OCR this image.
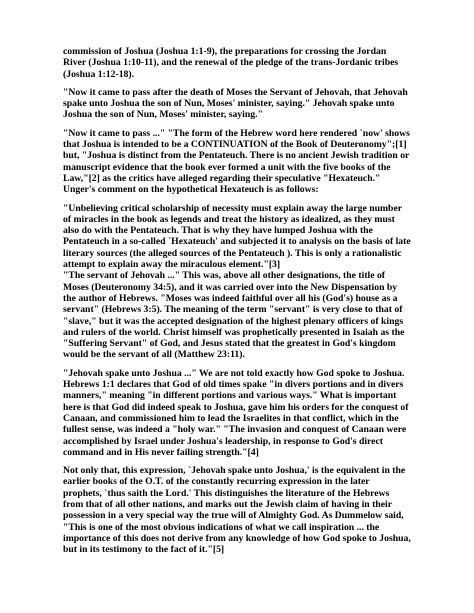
commission of Joshua (Joshua 1:1-9), the preparations for crossing the Jordan
River (Joshua 1:10-11), and the renewal of the pledge of the trans-Jordanic tribes
(Joshua 1:12-18).

"Now it came to pass after the death of Moses the Servant of Jehovah, that Jehovah
spake unto Joshua the son of Nun, Moses' minister, saying." Jehovah spake unto
Joshua the son of Nun, Moses' minister, saying."

"Now it came to pass ..." "The form of the Hebrew word here rendered `now' shows
that Joshua is intended to be a CONTINUATION of the Book of Deuteronomy";[1]
but, "Joshua is distinct from the Pentateuch. There is no ancient Jewish tradition or
manuscript evidence that the book ever formed a unit with the five books of the
Law,"[2] as the critics have alleged regarding their speculative "Hexateuch."
Unger's comment on the hypothetical Hexateuch is as follows:

"Unbelieving critical scholarship of necessity must explain away the large number
of miracles in the book as legends and treat the history as idealized, as they must
also do with the Pentateuch. That is why they have lumped Joshua with the
Pentateuch in a so-called `Hexateuch' and subjected it to analysis on the basis of late
literary sources (the alleged sources of the Pentateuch ). This is only a rationalistic
attempt to explain away the miraculous element."[3]
"The servant of Jehovah ..." This was, above all other designations, the title of
Moses (Deuteronomy 34:5), and it was carried over into the New Dispensation by
the author of Hebrews. "Moses was indeed faithful over all his (God's) house as a
servant" (Hebrews 3:5). The meaning of the term "servant" is very close to that of
"slave," but it was the accepted designation of the highest plenary officers of kings
and rulers of the world. Christ himself was prophetically presented in Isaiah as the
"Suffering Servant" of God, and Jesus stated that the greatest in God's kingdom
would be the servant of all (Matthew 23:11).

"Jehovah spake unto Joshua ..." We are not told exactly how God spoke to Joshua.
Hebrews 1:1 declares that God of old times spake "in divers portions and in divers
manners," meaning "in different portions and various ways." What is important
here is that God did indeed speak to Joshua, gave him his orders for the conquest of
Canaan, and commissioned him to lead the Israelites in that conflict, which in the
fullest sense, was indeed a "holy war." "The invasion and conquest of Canaan were
accomplished by Israel under Joshua's leadership, in response to God's direct
command and in His never failing strength."[4]

Not only that, this expression, `Jehovah spake unto Joshua,' is the equivalent in the
earlier books of the O.T. of the constantly recurring expression in the later
prophets, `thus saith the Lord.' This distinguishes the literature of the Hebrews
from that of all other nations, and marks out the Jewish claim of having in their
possession in a very special way the true will of Almighty God. As Dummelow said,
"This is one of the most obvious indications of what we call inspiration ... the
importance of this does not derive from any knowledge of how God spoke to Joshua,
but in its testimony to the fact of it."[5]
